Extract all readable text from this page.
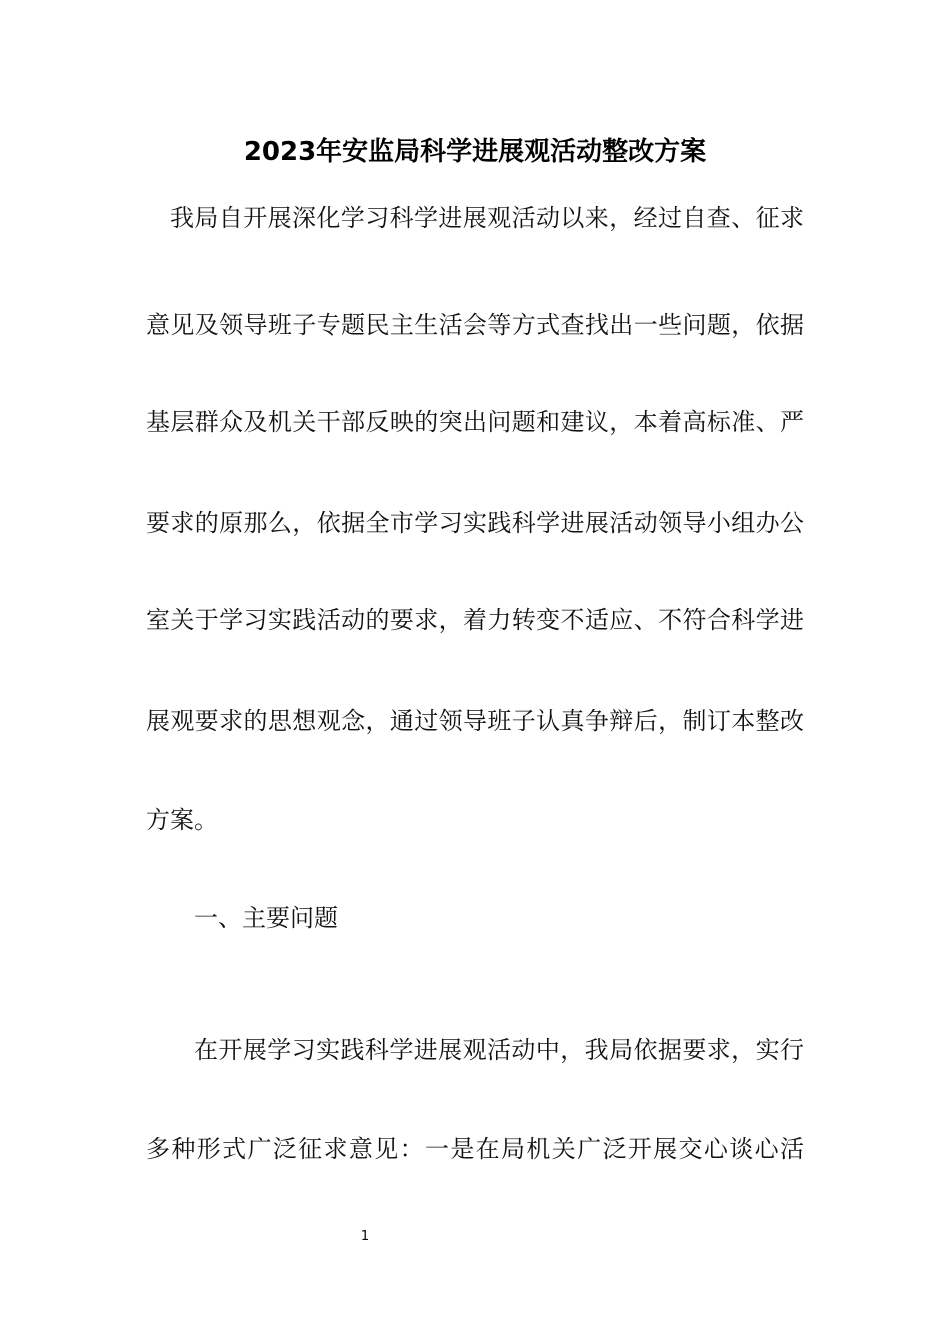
2023年安监局科学进展观活动整改方案

我局自开展深化学习科学进展观活动以来，经过自查、征求

意见及领导班子专题民主生活会等方式查找出一些问题，依据

基层群众及机关干部反映的突出问题和建议，本着高标准、严

要求的原那么，依据全市学习实践科学进展活动领导小组办公

室关于学习实践活动的要求，着力转变不适应、不符合科学进

展观要求的思想观念，通过领导班子认真争辩后，制订本整改

方案。

一、主要问题

在开展学习实践科学进展观活动中，我局依据要求，实行

多种形式广泛征求意见：一是在局机关广泛开展交心谈心活

1
